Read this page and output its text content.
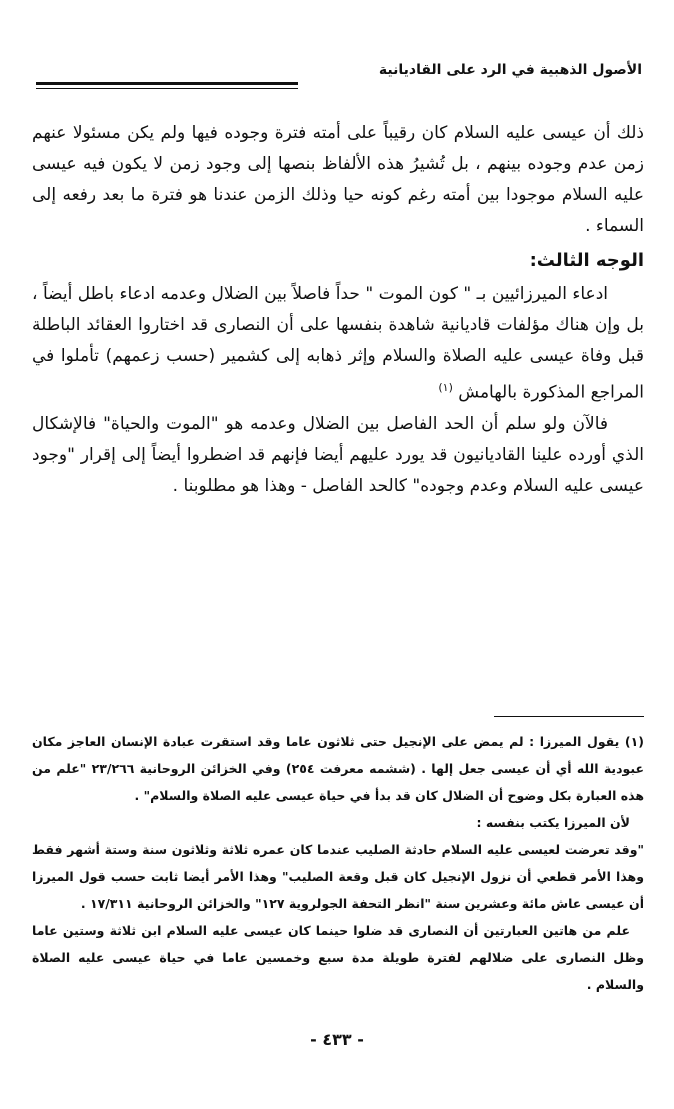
الأصول الذهبية في الرد على القاديانية

ذلك أن عيسى عليه السلام كان رقيباً على أمته فترة وجوده فيها ولم يكن مسئولا عنهم زمن عدم وجوده بينهم ، بل تُشيرُ هذه الألفاظ بنصها إلى وجود زمن لا يكون فيه عيسى عليه السلام موجودا بين أمته رغم كونه حيا وذلك الزمن عندنا هو فترة ما بعد رفعه إلى السماء .

الوجه الثالث:

ادعاء الميرزائيين بـ " كون الموت " حداً فاصلاً بين الضلال وعدمه ادعاء باطل أيضاً ، بل وإن هناك مؤلفات قاديانية شاهدة بنفسها على أن النصارى قد اختاروا العقائد الباطلة قبل وفاة عيسى عليه الصلاة والسلام وإثر ذهابه إلى كشمير (حسب زعمهم) تأملوا في المراجع المذكورة بالهامش $^{(١)}$

فالآن ولو سلم أن الحد الفاصل بين الضلال وعدمه هو "الموت والحياة" فالإشكال الذي أورده علينا القاديانيون قد يورد عليهم أيضا فإنهم قد اضطروا أيضاً إلى إقرار "وجود عيسى عليه السلام وعدم وجوده" كالحد الفاصل - وهذا هو مطلوبنا .

(١) يقول الميرزا : لم يمض على الإنجيل حتى ثلاثون عاما وقد استقرت عبادة الإنسان العاجز مكان عبودية الله أي أن عيسى جعل إلها . (ششمه معرفت ٢٥٤) وفي الخزائن الروحانية ٢٣/٢٦٦ "علم من هذه العبارة بكل وضوح أن الضلال كان قد بدأ في حياة عيسى عليه الصلاة والسلام" .

لأن الميرزا يكتب بنفسه :

"وقد تعرضت لعيسى عليه السلام حادثة الصليب عندما كان عمره ثلاثة وثلاثون سنة وستة أشهر فقط وهذا الأمر قطعي أن نزول الإنجيل كان قبل وقعة الصليب" وهذا الأمر أيضا ثابت حسب قول الميرزا أن عيسى عاش مائة وعشرين سنة "انظر التحفة الجولروية ١٢٧" والخزائن الروحانية ١٧/٣١١ .

علم من هاتين العبارتين أن النصارى قد ضلوا حينما كان عيسى عليه السلام ابن ثلاثة وستين عاما وظل النصارى على ضلالهم لفترة طويلة مدة سبع وخمسين عاما في حياة عيسى عليه الصلاة والسلام .

- ٤٣٣ -
